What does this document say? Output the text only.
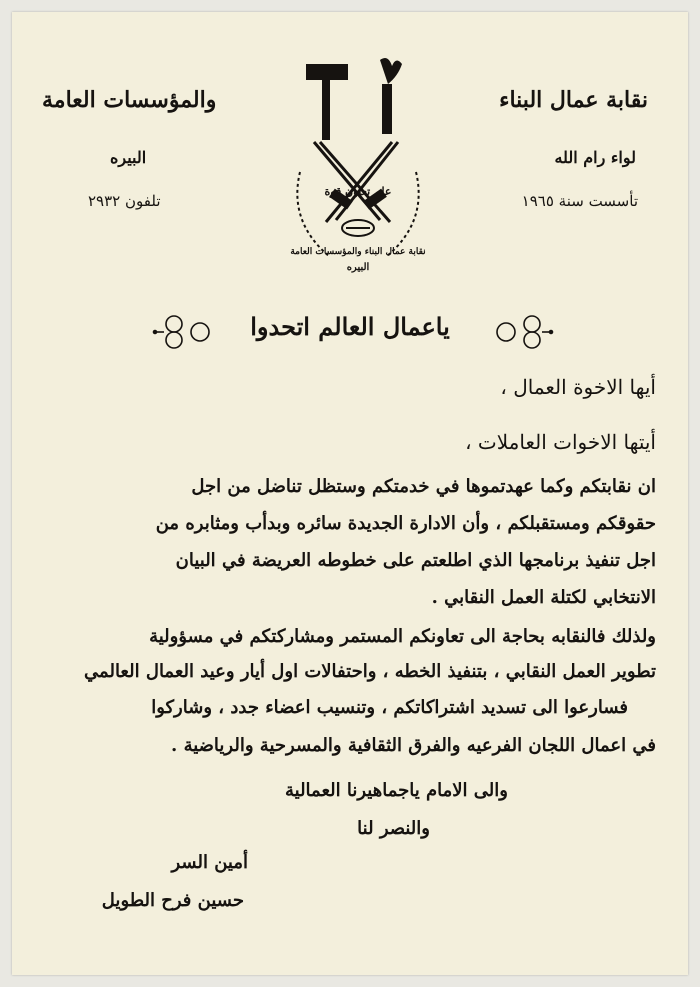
نقابة عمال البناء
لواء رام الله
تأسست سنة ١٩٦٥
والمؤسسات العامة
البيره
تلفون ٢٩٣٢
علم تعاون قوة
نقابة عمال البناء والمؤسسات العامة
البيره
ياعمال العالم اتحدوا
أيها الاخوة العمال ،
أيتها الاخوات العاملات ،
ان نقابتكم وكما عهدتموها في خدمتكم وستظل تناضل من اجل
حقوقكم ومستقبلكم ، وأن الادارة الجديدة سائره وبدأب ومثابره من
اجل تنفيذ برنامجها الذي اطلعتم على خطوطه العريضة في البيان
الانتخابي لكتلة العمل النقابي .
ولذلك فالنقابه بحاجة الى تعاونكم المستمر ومشاركتكم في مسؤولية
تطوير العمل النقابي ، بتنفيذ الخطه ، واحتفالات اول أيار وعيد العمال العالمي
فسارعوا الى تسديد اشتراكاتكم ، وتنسيب اعضاء جدد ، وشاركوا
في اعمال اللجان الفرعيه والفرق الثقافية والمسرحية والرياضية .
والى الامام ياجماهيرنا العمالية
والنصر لنا
أمين السر
حسين فرح الطويل
